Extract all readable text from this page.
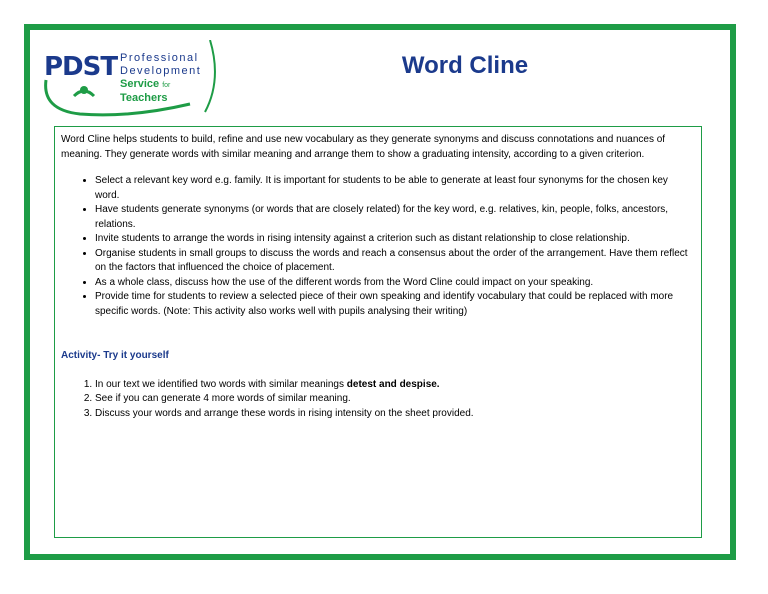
PDST Professional
Development
Service for Teachers
Word Cline

Word Cline helps students to build, refine and use new vocabulary as they generate synonyms and discuss connotations and nuances of meaning. They generate words with similar meaning and arrange them to show a graduating intensity, according to a given criterion.

• Select a relevant key word e.g. family. It is important for students to be able to generate at least four synonyms for the chosen key word.
• Have students generate synonyms (or words that are closely related) for the key word, e.g. relatives, kin, people, folks, ancestors, relations.
• Invite students to arrange the words in rising intensity against a criterion such as distant relationship to close relationship.
• Organise students in small groups to discuss the words and reach a consensus about the order of the arrangement. Have them reflect on the factors that influenced the choice of placement.
• As a whole class, discuss how the use of the different words from the Word Cline could impact on your speaking.
• Provide time for students to review a selected piece of their own speaking and identify vocabulary that could be replaced with more specific words. (Note: This activity also works well with pupils analysing their writing)

Activity- Try it yourself

1. In our text we identified two words with similar meanings detest and despise.
2. See if you can generate 4 more words of similar meaning.
3. Discuss your words and arrange these words in rising intensity on the sheet provided.
